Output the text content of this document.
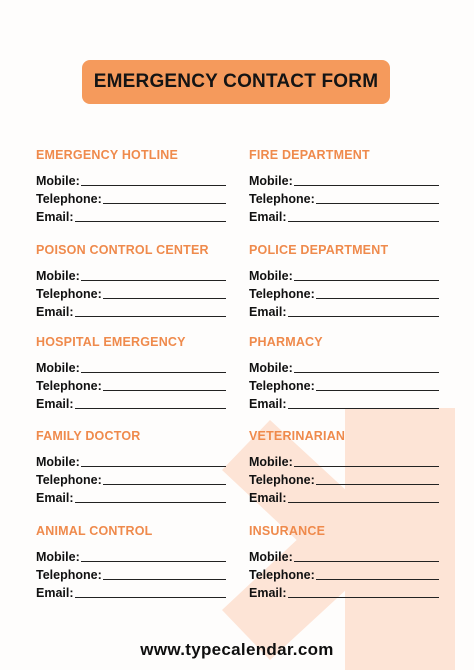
EMERGENCY CONTACT FORM
EMERGENCY HOTLINE
Mobile:
Telephone:
Email:
POISON CONTROL CENTER
Mobile:
Telephone:
Email:
HOSPITAL EMERGENCY
Mobile:
Telephone:
Email:
FAMILY DOCTOR
Mobile:
Telephone:
Email:
ANIMAL CONTROL
Mobile:
Telephone:
Email:
FIRE DEPARTMENT
Mobile:
Telephone:
Email:
POLICE DEPARTMENT
Mobile:
Telephone:
Email:
PHARMACY
Mobile:
Telephone:
Email:
VETERINARIAN
Mobile:
Telephone:
Email:
INSURANCE
Mobile:
Telephone:
Email:
www.typecalendar.com
